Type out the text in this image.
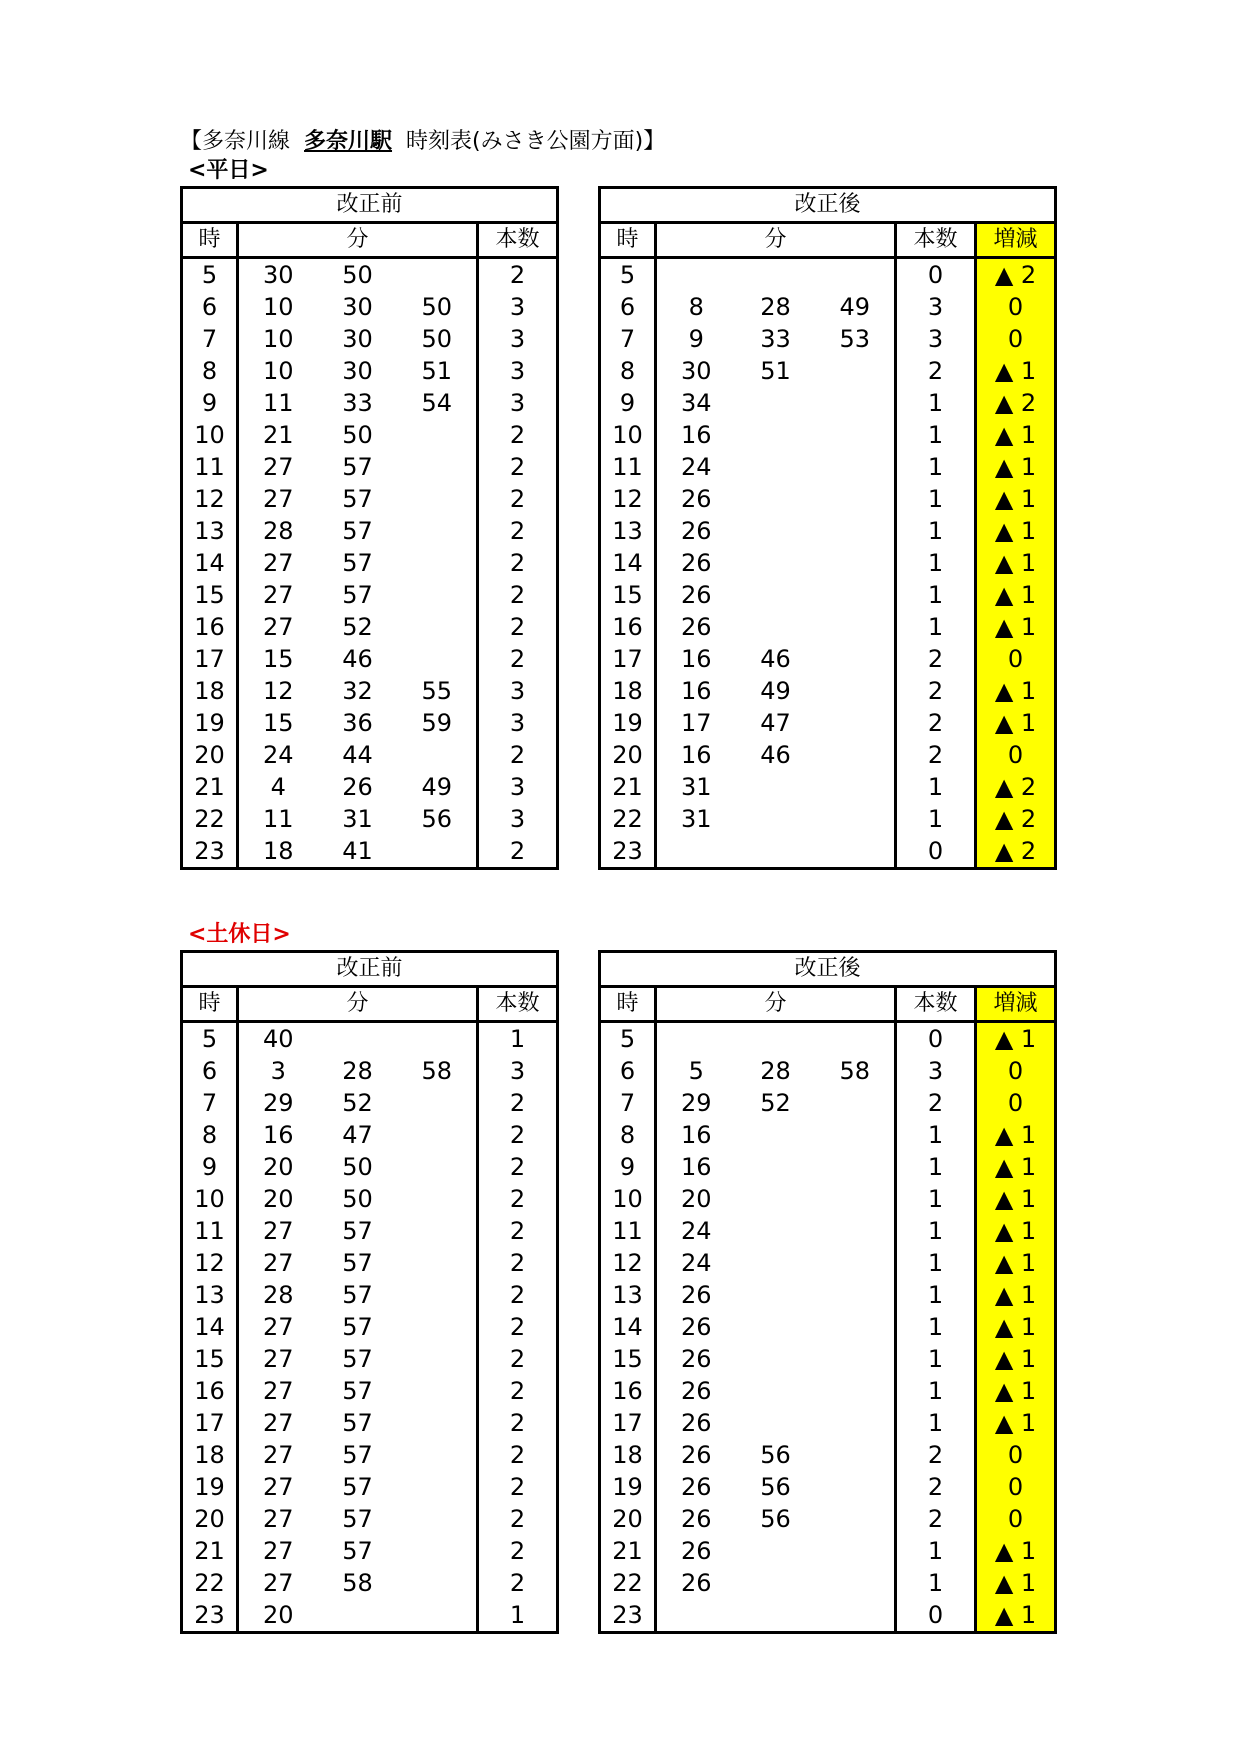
【多奈川線 多奈川駅 時刻表(みさき公園方面)】
<平日>
改正前				
時	分			本数
5	30	50		2
6	10	30	50	3
7	10	30	50	3
8	10	30	51	3
9	11	33	54	3
10	21	50		2
11	27	57		2
12	27	57		2
13	28	57		2
14	27	57		2
15	27	57		2
16	27	52		2
17	15	46		2
18	12	32	55	3
19	15	36	59	3
20	24	44		2
21	4	26	49	3
22	11	31	56	3
23	18	41		2
改正後					
時	分			本数	増減
5				0	▲ 2
6	8	28	49	3	0
7	9	33	53	3	0
8	30	51		2	▲ 1
9	34			1	▲ 2
10	16			1	▲ 1
11	24			1	▲ 1
12	26			1	▲ 1
13	26			1	▲ 1
14	26			1	▲ 1
15	26			1	▲ 1
16	26			1	▲ 1
17	16	46		2	0
18	16	49		2	▲ 1
19	17	47		2	▲ 1
20	16	46		2	0
21	31			1	▲ 2
22	31			1	▲ 2
23				0	▲ 2
<土休日>
改正前				
時	分			本数
5	40			1
6	3	28	58	3
7	29	52		2
8	16	47		2
9	20	50		2
10	20	50		2
11	27	57		2
12	27	57		2
13	28	57		2
14	27	57		2
15	27	57		2
16	27	57		2
17	27	57		2
18	27	57		2
19	27	57		2
20	27	57		2
21	27	57		2
22	27	58		2
23	20			1
改正後					
時	分			本数	増減
5				0	▲ 1
6	5	28	58	3	0
7	29	52		2	0
8	16			1	▲ 1
9	16			1	▲ 1
10	20			1	▲ 1
11	24			1	▲ 1
12	24			1	▲ 1
13	26			1	▲ 1
14	26			1	▲ 1
15	26			1	▲ 1
16	26			1	▲ 1
17	26			1	▲ 1
18	26	56		2	0
19	26	56		2	0
20	26	56		2	0
21	26			1	▲ 1
22	26			1	▲ 1
23				0	▲ 1
